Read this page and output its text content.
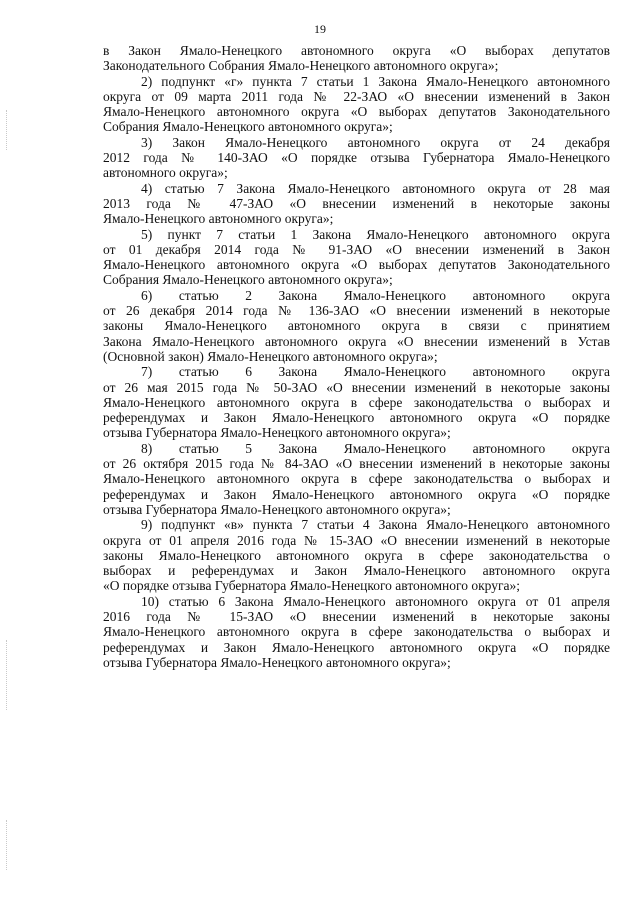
19
в Закон Ямало-Ненецкого автономного округа «О выборах депутатов
Законодательного Собрания Ямало-Ненецкого автономного округа»;
2) подпункт «г» пункта 7 статьи 1 Закона Ямало-Ненецкого автономного
округа от 09 марта 2011 года № 22-ЗАО «О внесении изменений в Закон
Ямало-Ненецкого автономного округа «О выборах депутатов Законодательного
Собрания Ямало-Ненецкого автономного округа»;
3) Закон Ямало-Ненецкого автономного округа от 24 декабря
2012 года № 140-ЗАО «О порядке отзыва Губернатора Ямало-Ненецкого
автономного округа»;
4) статью 7 Закона Ямало-Ненецкого автономного округа от 28 мая
2013 года № 47-ЗАО «О внесении изменений в некоторые законы
Ямало-Ненецкого автономного округа»;
5) пункт 7 статьи 1 Закона Ямало-Ненецкого автономного округа
от 01 декабря 2014 года № 91-ЗАО «О внесении изменений в Закон
Ямало-Ненецкого автономного округа «О выборах депутатов Законодательного
Собрания Ямало-Ненецкого автономного округа»;
6) статью 2 Закона Ямало-Ненецкого автономного округа
от 26 декабря 2014 года № 136-ЗАО «О внесении изменений в некоторые
законы Ямало-Ненецкого автономного округа в связи с принятием
Закона Ямало-Ненецкого автономного округа «О внесении изменений в Устав
(Основной закон) Ямало-Ненецкого автономного округа»;
7) статью 6 Закона Ямало-Ненецкого автономного округа
от 26 мая 2015 года № 50-ЗАО «О внесении изменений в некоторые законы
Ямало-Ненецкого автономного округа в сфере законодательства о выборах и
референдумах и Закон Ямало-Ненецкого автономного округа «О порядке
отзыва Губернатора Ямало-Ненецкого автономного округа»;
8) статью 5 Закона Ямало-Ненецкого автономного округа
от 26 октября 2015 года № 84-ЗАО «О внесении изменений в некоторые законы
Ямало-Ненецкого автономного округа в сфере законодательства о выборах и
референдумах и Закон Ямало-Ненецкого автономного округа «О порядке
отзыва Губернатора Ямало-Ненецкого автономного округа»;
9) подпункт «в» пункта 7 статьи 4 Закона Ямало-Ненецкого автономного
округа от 01 апреля 2016 года № 15-ЗАО «О внесении изменений в некоторые
законы Ямало-Ненецкого автономного округа в сфере законодательства о
выборах и референдумах и Закон Ямало-Ненецкого автономного округа
«О порядке отзыва Губернатора Ямало-Ненецкого автономного округа»;
10) статью 6 Закона Ямало-Ненецкого автономного округа от 01 апреля
2016 года № 15-ЗАО «О внесении изменений в некоторые законы
Ямало-Ненецкого автономного округа в сфере законодательства о выборах и
референдумах и Закон Ямало-Ненецкого автономного округа «О порядке
отзыва Губернатора Ямало-Ненецкого автономного округа»;
